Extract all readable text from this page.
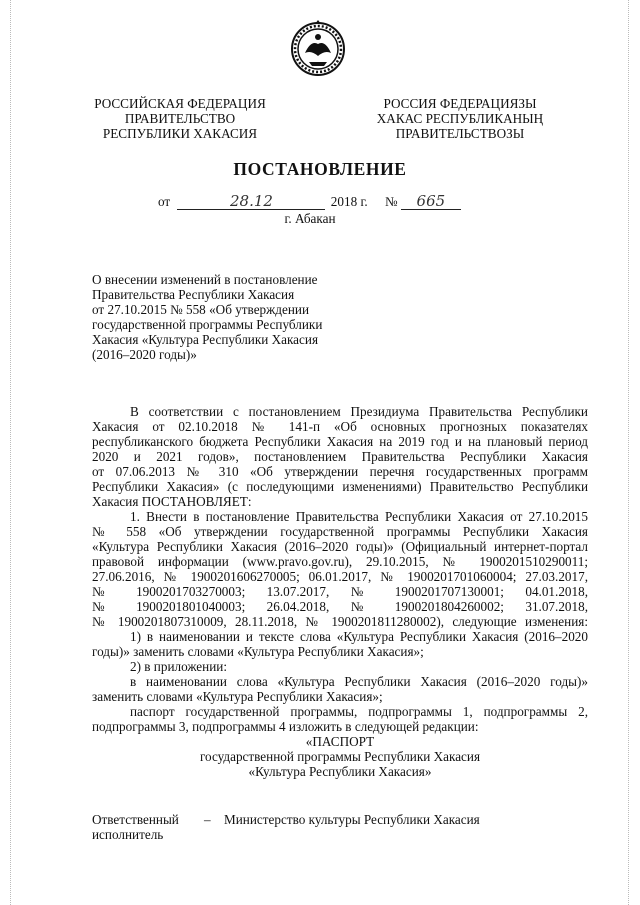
РОССИЙСКАЯ ФЕДЕРАЦИЯ
ПРАВИТЕЛЬСТВО
РЕСПУБЛИКИ ХАКАСИЯ
РОССИЯ ФЕДЕРАЦИЯЗЫ
ХАКАС РЕСПУБЛИКАНЫҢ
ПРАВИТЕЛЬСТВОЗЫ
ПОСТАНОВЛЕНИЕ
от	28.12	2018 г. № 665
г. Абакан
О внесении изменений в постановление
Правительства Республики Хакасия
от 27.10.2015 № 558 «Об утверждении
государственной программы Республики
Хакасия «Культура Республики Хакасия
(2016–2020 годы)»
В соответствии с постановлением Президиума Правительства Республики
Хакасия от 02.10.2018 № 141-п «Об основных прогнозных показателях
республиканского бюджета Республики Хакасия на 2019 год и на плановый период
2020 и 2021 годов», постановлением Правительства Республики Хакасия
от 07.06.2013 № 310 «Об утверждении перечня государственных программ
Республики Хакасия» (с последующими изменениями) Правительство Республики
Хакасия ПОСТАНОВЛЯЕТ:
1. Внести в постановление Правительства Республики Хакасия от 27.10.2015
№ 558 «Об утверждении государственной программы Республики Хакасия
«Культура Республики Хакасия (2016–2020 годы)» (Официальный интернет-портал
правовой информации (www.pravo.gov.ru), 29.10.2015, № 1900201510290011;
27.06.2016, № 1900201606270005; 06.01.2017, № 1900201701060004; 27.03.2017,
№ 1900201703270003; 13.07.2017, № 1900201707130001; 04.01.2018,
№ 1900201801040003; 26.04.2018, № 1900201804260002; 31.07.2018,
№ 1900201807310009, 28.11.2018, № 1900201811280002), следующие изменения:
1) в наименовании и тексте слова «Культура Республики Хакасия (2016–2020
годы)» заменить словами «Культура Республики Хакасия»;
2) в приложении:
в наименовании слова «Культура Республики Хакасия (2016–2020 годы)»
заменить словами «Культура Республики Хакасия»;
паспорт государственной программы, подпрограммы 1, подпрограммы 2,
подпрограммы 3, подпрограммы 4 изложить в следующей редакции:
«ПАСПОРТ
государственной программы Республики Хакасия
«Культура Республики Хакасия»
Ответственный
исполнитель
– Министерство культуры Республики Хакасия
